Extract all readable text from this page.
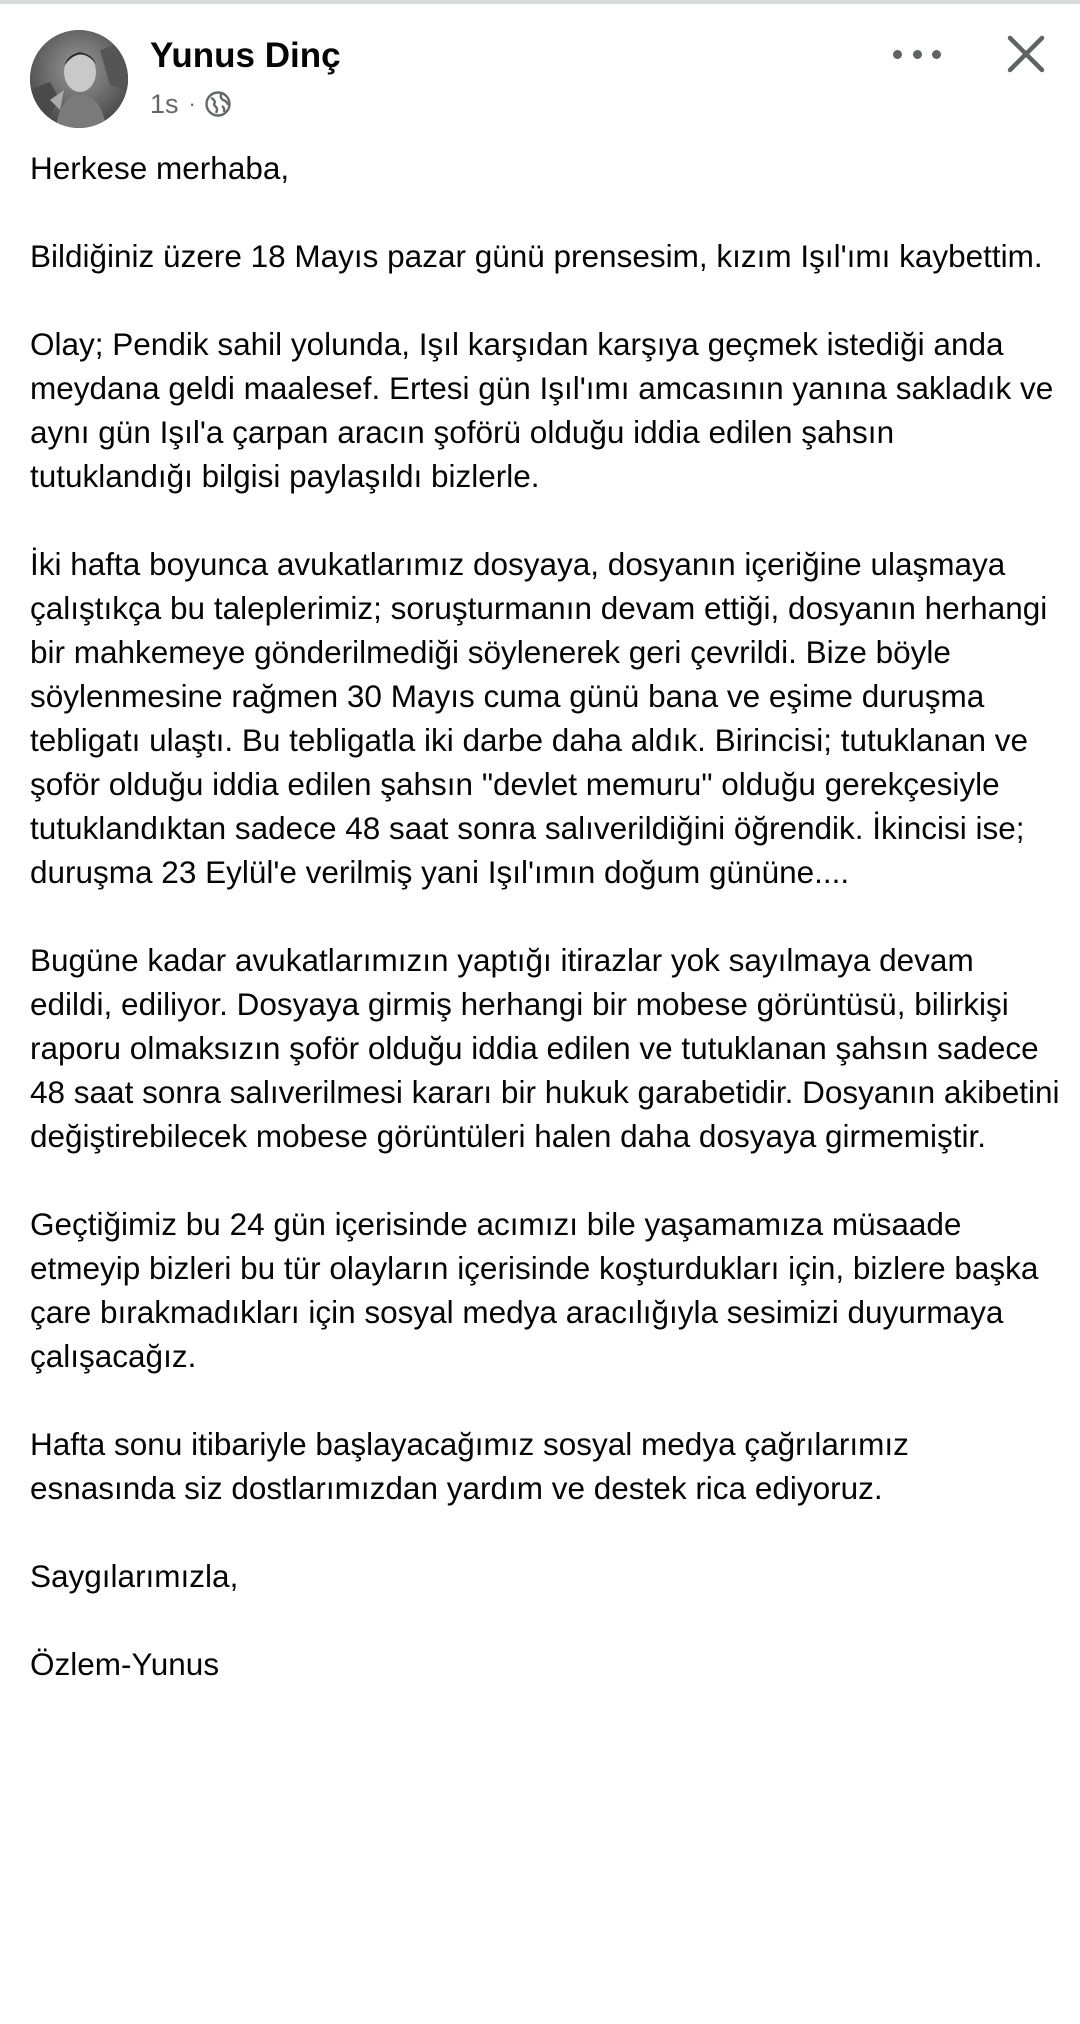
Yunus Dinç
1s ·

Herkese merhaba,

Bildiğiniz üzere 18 Mayıs pazar günü prensesim, kızım Işıl'ımı kaybettim.

Olay; Pendik sahil yolunda, Işıl karşıdan karşıya geçmek istediği anda meydana geldi maalesef. Ertesi gün Işıl'ımı amcasının yanına sakladık ve aynı gün Işıl'a çarpan aracın şoförü olduğu iddia edilen şahsın tutuklandığı bilgisi paylaşıldı bizlerle.

İki hafta boyunca avukatlarımız dosyaya, dosyanın içeriğine ulaşmaya çalıştıkça bu taleplerimiz; soruşturmanın devam ettiği, dosyanın herhangi bir mahkemeye gönderilmediği söylenerek geri çevrildi. Bize böyle söylenmesine rağmen 30 Mayıs cuma günü bana ve eşime duruşma tebligatı ulaştı. Bu tebligatla iki darbe daha aldık. Birincisi; tutuklanan ve şoför olduğu iddia edilen şahsın "devlet memuru" olduğu gerekçesiyle tutuklandıktan sadece 48 saat sonra salıverildiğini öğrendik. İkincisi ise; duruşma 23 Eylül'e verilmiş yani Işıl'ımın doğum gününe....

Bugüne kadar avukatlarımızın yaptığı itirazlar yok sayılmaya devam edildi, ediliyor. Dosyaya girmiş herhangi bir mobese görüntüsü, bilirkişi raporu olmaksızın şoför olduğu iddia edilen ve tutuklanan şahsın sadece 48 saat sonra salıverilmesi kararı bir hukuk garabetidir. Dosyanın akibetini değiştirebilecek mobese görüntüleri halen daha dosyaya girmemiştir.

Geçtiğimiz bu 24 gün içerisinde acımızı bile yaşamamıza müsaade etmeyip bizleri bu tür olayların içerisinde koşturdukları için, bizlere başka çare bırakmadıkları için sosyal medya aracılığıyla sesimizi duyurmaya çalışacağız.

Hafta sonu itibariyle başlayacağımız sosyal medya çağrılarımız esnasında siz dostlarımızdan yardım ve destek rica ediyoruz.

Saygılarımızla,

Özlem-Yunus
